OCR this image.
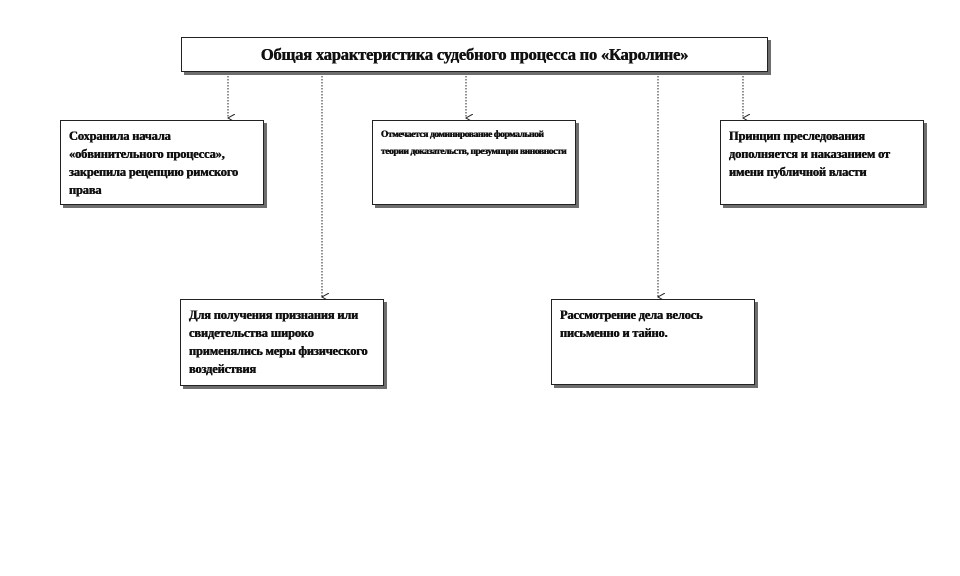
Общая характеристика судебного процесса по «Каролине»
Сохранила начала «обвинительного процесса», закрепила рецепцию римского права
Отмечается доминирование формальной теории доказательств, презумпции виновности
Принцип преследования дополняется и наказанием от имени публичной власти
Для получения признания или свидетельства широко применялись меры физического воздействия
Рассмотрение дела велось письменно и тайно.
